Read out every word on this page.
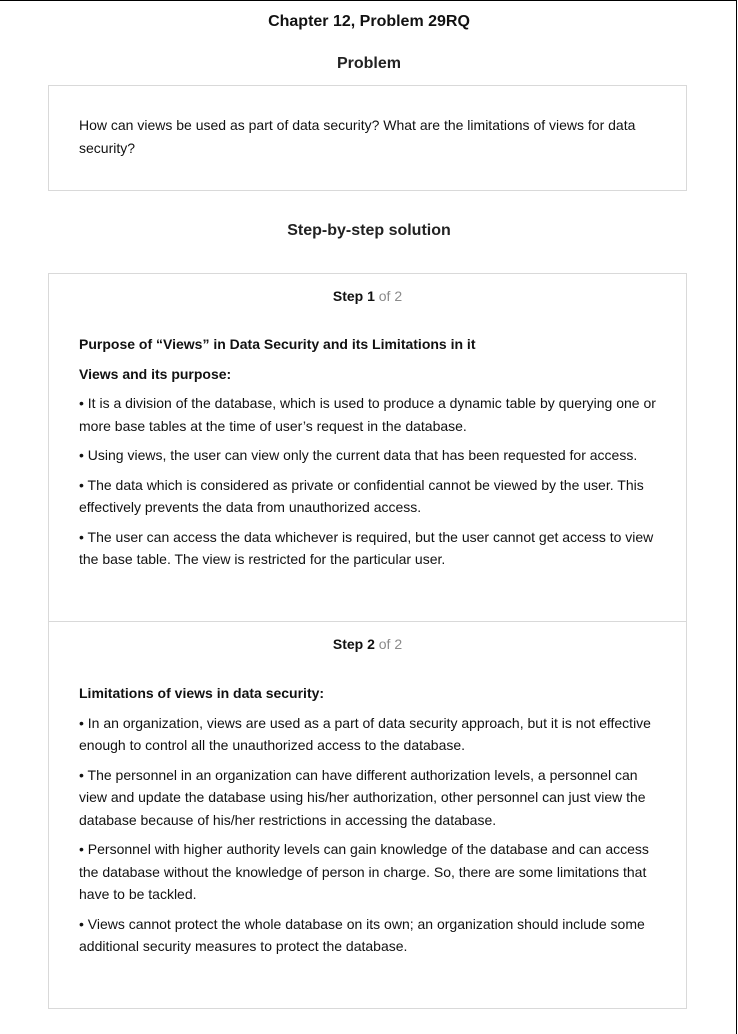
Chapter 12, Problem 29RQ
Problem
How can views be used as part of data security? What are the limitations of views for data security?
Step-by-step solution
Step 1 of 2
Purpose of “Views” in Data Security and its Limitations in it
Views and its purpose:

• It is a division of the database, which is used to produce a dynamic table by querying one or more base tables at the time of user’s request in the database.

• Using views, the user can view only the current data that has been requested for access.

• The data which is considered as private or confidential cannot be viewed by the user. This effectively prevents the data from unauthorized access.

• The user can access the data whichever is required, but the user cannot get access to view the base table. The view is restricted for the particular user.

Step 2 of 2
Limitations of views in data security:

• In an organization, views are used as a part of data security approach, but it is not effective enough to control all the unauthorized access to the database.

• The personnel in an organization can have different authorization levels, a personnel can view and update the database using his/her authorization, other personnel can just view the database because of his/her restrictions in accessing the database.

• Personnel with higher authority levels can gain knowledge of the database and can access the database without the knowledge of person in charge. So, there are some limitations that have to be tackled.

• Views cannot protect the whole database on its own; an organization should include some additional security measures to protect the database.
